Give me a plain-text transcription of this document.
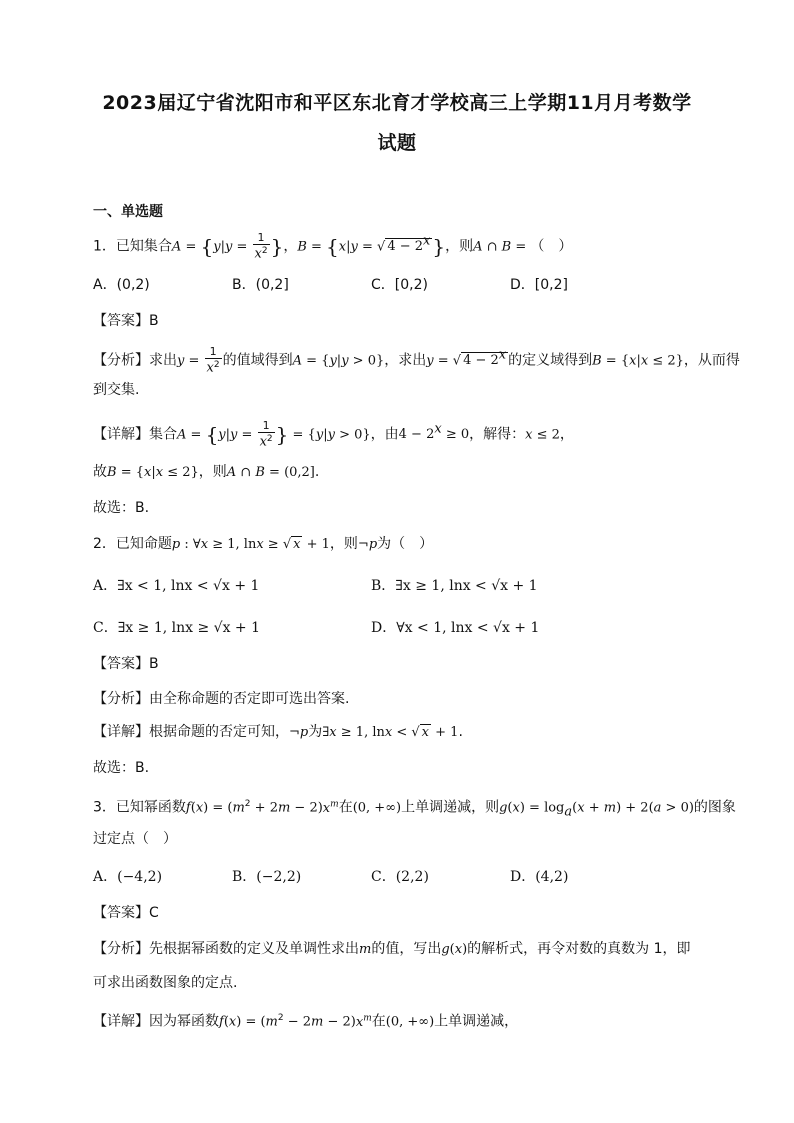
2023届辽宁省沈阳市和平区东北育才学校高三上学期11月月考数学
试题
一、单选题
1．已知集合$A = \{y|y = \frac{1}{x^2}$ }，B = {x|y = √ $4 - 2^x$ }，则A ∩ B = （　）
A．(0,2)	B．(0,2]	C．[0,2)	D．[0,2]
【答案】B
【分析】求出$y = \frac{1}{x^2}$ 的值域得到A = {y|y > 0}，求出y = √ $4 - 2^x$ 的定义域得到B = {x|x ≤ 2}，从而得
到交集.
【详解】集合$A = \{y|y = \frac{1}{x^2}$ } = {y|y > 0}，由$4 - 2^x \ge 0$，解得：x ≤ 2，
故B = {x|x ≤ 2}，则A ∩ B = (0,2].
故选：B.
2．已知命题p : ∀x ≥ 1, lnx ≥ √ x + 1，则¬p为（　）
A．∃x < 1, lnx < √x + 1	B．∃x ≥ 1, lnx < √x + 1
C．∃x ≥ 1, lnx ≥ √x + 1	D．∀x < 1, lnx < √x + 1
【答案】B
【分析】由全称命题的否定即可选出答案.
【详解】根据命题的否定可知，¬p为∃x ≥ 1, lnx < √ x + 1.
故选：B.
3．已知幂函数$f(x) = (m^2 + 2m - 2)x^m$在(0, +∞)上单调递减，则$g(x) = \log_a(x + m) + 2(a > 0)$的图象
过定点（　）
A．(−4,2)	B．(−2,2)	C．(2,2)	D．(4,2)
【答案】C
【分析】先根据幂函数的定义及单调性求出m的值，写出g(x)的解析式，再令对数的真数为 1，即
可求出函数图象的定点.
【详解】因为幂函数$f(x) = (m^2 - 2m - 2)x^m$在(0, +∞)上单调递减，
